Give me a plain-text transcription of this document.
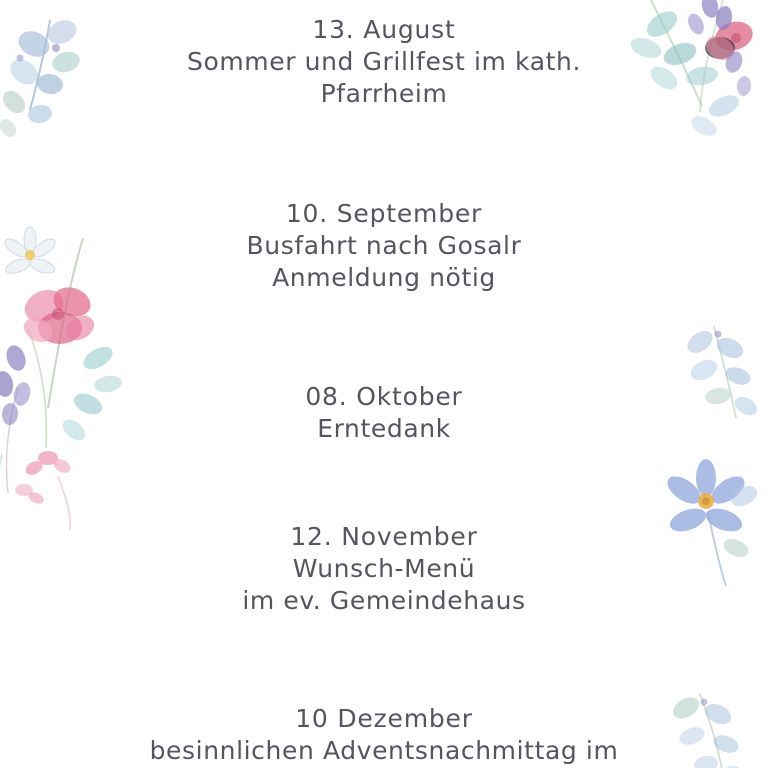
13. August
Sommer und Grillfest im kath.
Pfarrheim
10. September
Busfahrt nach Gosalr
Anmeldung nötig
08. Oktober
Erntedank
12. November
Wunsch-Menü
im ev. Gemeindehaus
10 Dezember
besinnlichen Adventsnachmittag im
